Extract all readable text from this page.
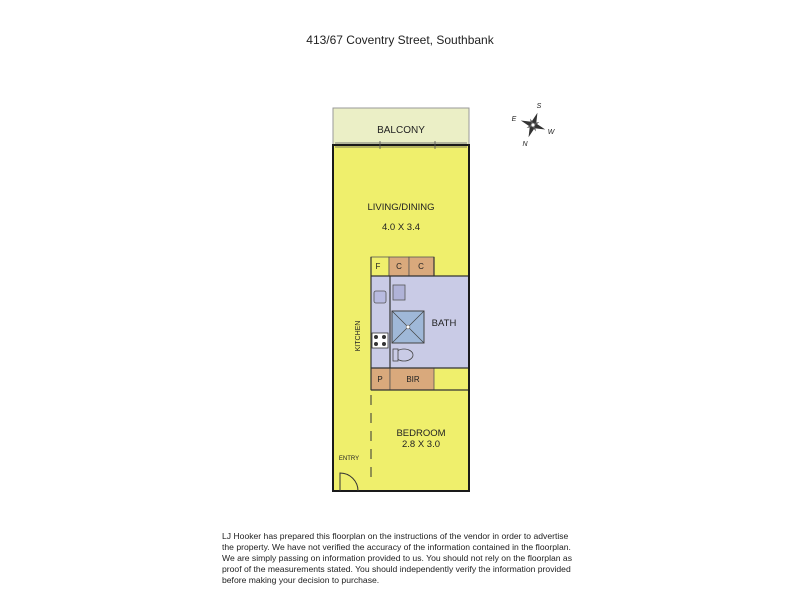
413/67 Coventry Street, Southbank
BALCONY
LIVING/DINING
4.0 X 3.4
BATH
BEDROOM
2.8 X 3.0
KITCHEN
ENTRY
F C C
P	BIR
S
E
W
N

LJ Hooker has prepared this floorplan on the instructions of the vendor in order to advertise the property. We have not verified the accuracy of the information contained in the floorplan. We are simply passing on information provided to us. You should not rely on the floorplan as proof of the measurements stated. You should independently verify the information provided before making your decision to purchase.
